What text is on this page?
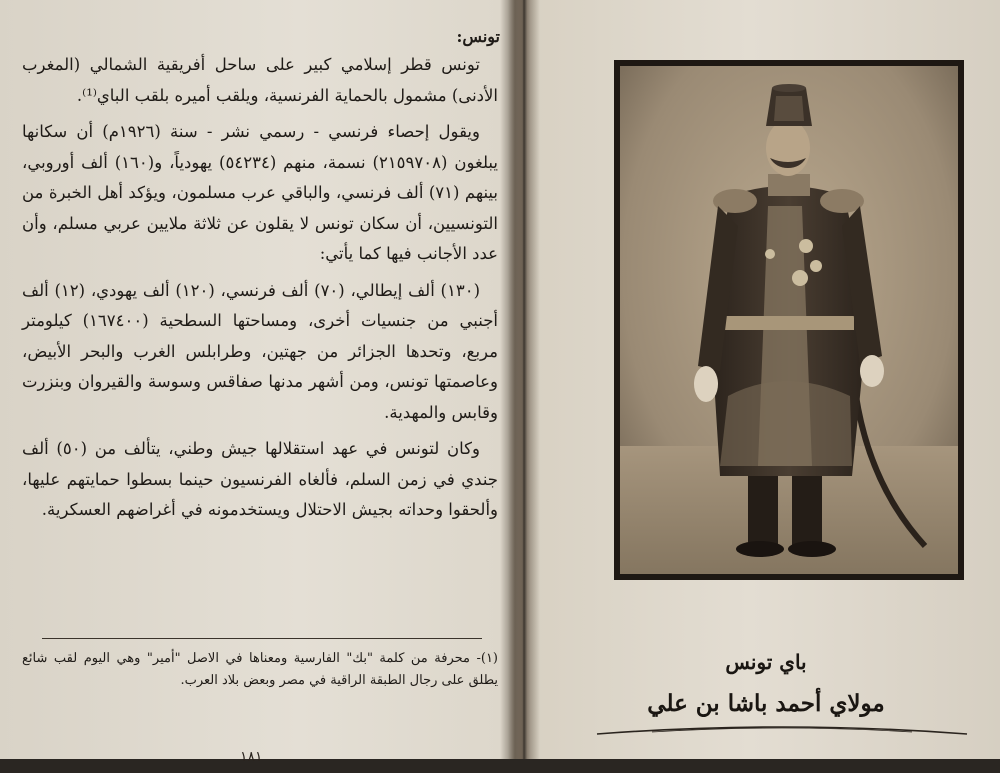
تونس:

تونس قطر إسلامي كبير على ساحل أفريقية الشمالي (المغرب الأدنى) مشمول بالحماية الفرنسية، ويلقب أميره بلقب الباي⁽¹⁾.

ويقول إحصاء فرنسي - رسمي نشر - سنة (١٩٢٦م) أن سكانها يبلغون (٢١٥٩٧٠٨) نسمة، منهم (٥٤٢٣٤) يهودياً، و(١٦٠) ألف أوروبي، بينهم (٧١) ألف فرنسي، والباقي عرب مسلمون، ويؤكد أهل الخبرة من التونسيين، أن سكان تونس لا يقلون عن ثلاثة ملايين عربي مسلم، وأن عدد الأجانب فيها كما يأتي:

(١٣٠) ألف إيطالي، (٧٠) ألف فرنسي، (١٢٠) ألف يهودي، (١٢) ألف أجنبي من جنسيات أخرى، ومساحتها السطحية (١٦٧٤٠٠) كيلومتر مربع، وتحدها الجزائر من جهتين، وطرابلس الغرب والبحر الأبيض، وعاصمتها تونس، ومن أشهر مدنها صفاقس وسوسة والقيروان وبنزرت وقابس والمهدية.

وكان لتونس في عهد استقلالها جيش وطني، يتألف من (٥٠) ألف جندي في زمن السلم، فألغاه الفرنسيون حينما بسطوا حمايتهم عليها، وألحقوا وحداته بجيش الاحتلال ويستخدمونه في أغراضهم العسكرية.

(١)- محرفة من كلمة "بك" الفارسية ومعناها في الاصل "أمير" وهي اليوم لقب شائع يطلق على رجال الطبقة الراقية في مصر وبعض بلاد العرب.
١٨١
باي تونس
مولاي أحمد باشا بن علي
